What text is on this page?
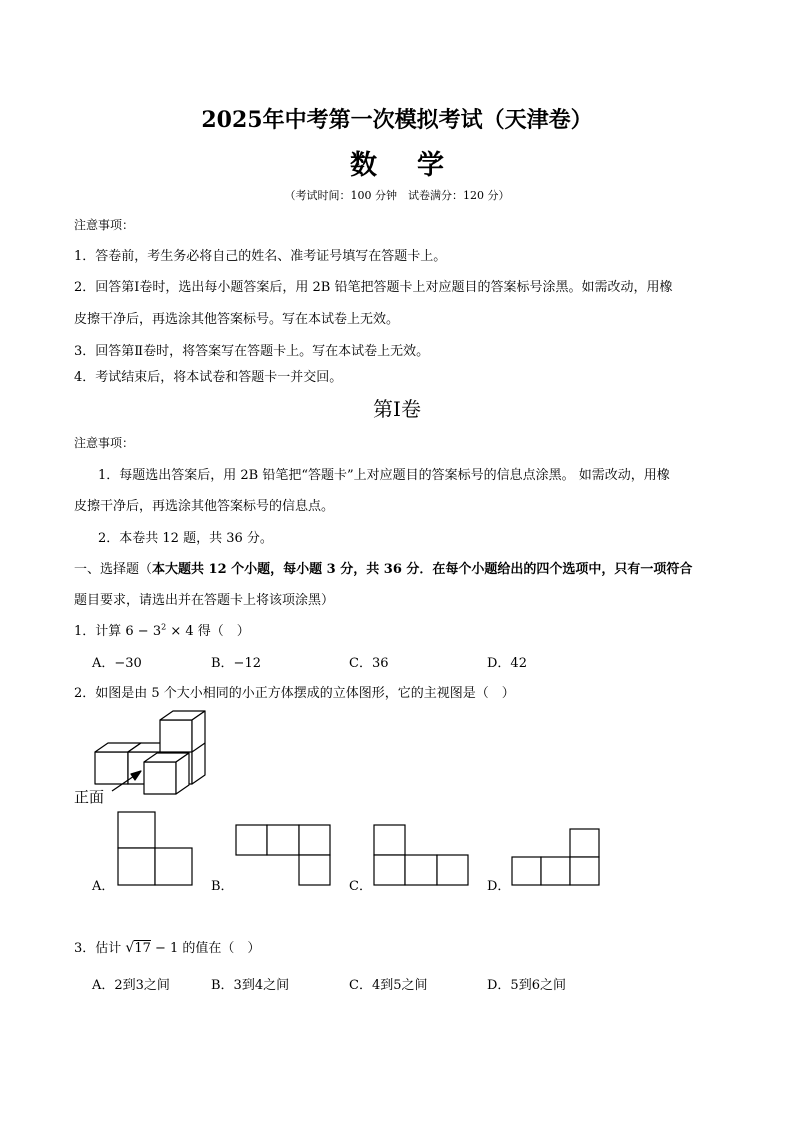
2025年中考第一次模拟考试（天津卷）
数 学
（考试时间：100 分钟　试卷满分：120 分）
注意事项：
1．答卷前，考生务必将自己的姓名、准考证号填写在答题卡上。
2．回答第Ⅰ卷时，选出每小题答案后，用 2B 铅笔把答题卡上对应题目的答案标号涂黑。如需改动，用橡
皮擦干净后，再选涂其他答案标号。写在本试卷上无效。
3．回答第Ⅱ卷时，将答案写在答题卡上。写在本试卷上无效。
4．考试结束后，将本试卷和答题卡一并交回。
第Ⅰ卷
注意事项：
1．每题选出答案后，用 2B 铅笔把“答题卡”上对应题目的答案标号的信息点涂黑。 如需改动，用橡
皮擦干净后，再选涂其他答案标号的信息点。
2．本卷共 12 题，共 36 分。
一、选择题（本大题共 12 个小题，每小题 3 分，共 36 分．在每个小题给出的四个选项中，只有一项符合
题目要求，请选出并在答题卡上将该项涂黑）
1．计算 $6 - 3^2 \times 4$ 得（　）
A．−30	B．−12	C．36	D．42
2．如图是由 5 个大小相同的小正方体摆成的立体图形，它的主视图是（　）
正面
A．	B．	C．	D．
3．估计 √17 − 1 的值在（　）
A．2到3之间	B．3到4之间	C．4到5之间	D．5到6之间
